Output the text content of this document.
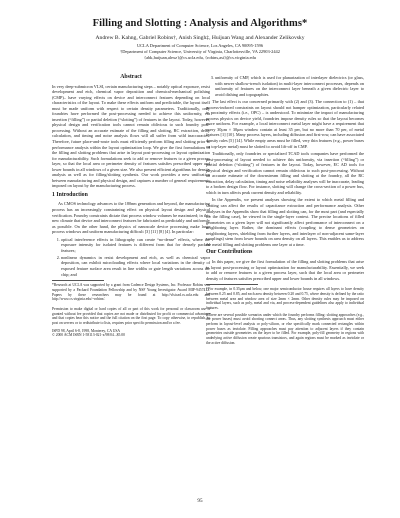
Filling and Slotting : Analysis and Algorithms*
Andrew B. Kahng, Gabriel Robins†, Anish Singh‡, Huijuan Wang and Alexander Zelikovsky
UCLA Department of Computer Science, Los Angeles, CA 90095-1596
†Department of Computer Science, University of Virginia, Charlottesville, VA 22903-2442
{abk,huijuan,alexz}@cs.ucla.edu, {robins,asi}@cs.virginia.edu
Abstract

In very deep-submicron VLSI, certain manufacturing steps – notably optical exposure, resist development and etch, chemical vapor deposition and chemical-mechanical polishing (CMP)– have varying effects on device and interconnect features depending on local characteristics of the layout. To make these effects uniform and predictable, the layout itself must be made uniform with respect to certain density parameters. Traditionally, only foundries have performed the post-processing needed to achieve this uniformity, via insertion (“filling”) or partial deletion (“slotting”) of features in the layout. Today, however, physical design and verification tools cannot remain oblivious to such foundry post-processing. Without an accurate estimate of the filling and slotting, RC extraction, delay calculation, and timing and noise analysis flows will all suffer from wild inaccuracies. Therefore, future place-and-route tools must efficiently perform filling and slotting prior to performance analysis within the layout optimization loop. We give the first formulations of the filling and slotting problems that arise in layout post-processing or layout optimization for manufacturability. Such formulations seek to add or remove features to a given process layer, so that the local area or perimeter density of features satisfies prescribed upper and lower bounds in all windows of a given size. We also present efficient algorithms for density analysis as well as for filling/slotting synthesis. Our work provides a new unification between manufacturing and physical design, and captures a number of general requirements imposed on layout by the manufacturing process.

1 Introduction

As CMOS technology advances to the 180nm generation and beyond, the manufacturing process has an increasingly constraining effect on physical layout design and physical verification. Foundry constraints dictate that process window volumes be maximized; in this new climate that device and interconnect features be fabricated as predictably and uniformly as possible. On the other hand, the physics of nanoscale device processing make large process windows and uniform manufacturing difficult [3] [11] [8] [4]. In particular:

1. optical interference effects in lithography can create “no-dense” effects, where the exposure intensity for isolated features is different from that for densely packed features;
2. nonlinear dynamics in resist development and etch, as well as chemical vapor deposition, can exhibit microloading effects where local variations in the density of exposed feature surface area result in line widths or gate length variations across the chip; and
*Research at UCLA was supported by a grant from Cadence Design Systems, Inc. Professor Robins was supported by a Packard Foundation Fellowship and by NSF Young Investigator Award MIP-9457412. Papers by these researchers may be found at http://vlsicad.cs.ucla.edu and http://www.cs.virginia.edu/~robins/.
Permission to make digital or hard copies of all or part of this work for personal or classroom use is granted without fee provided that copies are not made or distributed for profit or commercial advantage and that copies bear this notice and the full citation on the first page. To copy otherwise, to republish, to post on servers or to redistribute to lists, requires prior specific permission and/or a fee.
ISPD 98, April 6-8, 1998, Monterey, CA USA
© 2000 ACM ISBN 1-58113-021-x/98/04...$5.00
3. uniformity of CMP, which is used for planarization of interlayer dielectrics (or glass, with newer shallow-trench isolation) in multi-layer interconnect processes, depends on uniformity of features on the interconnect layer beneath a given dielectric layer to avoid dishing and topographies.

The last effect is our concerned primarily with (2) and (3). The connection to (1) – that process-induced constraints on layout should not hamper optimization, particularly related to proximity effects (i.e., OPC) – is understood. To minimize the impact of manufacturing process physics on device yield, foundries impose density rules so that the layout becomes more uniform. For example, a local interconnect metal layer might have a requirement that every 30μm × 30μm window contain at least 35 per, but no more than 70 per, of metal features [1] [10]. Many process layers, including diffusion and first-row, can have associated density rules [5] [14]. While empty areas must be filled, very thin features (e.g., power buses on top-layer metal) must be slotted to avoid lift-off in CMP.

Traditionally, only foundries or specialized TCAD tools companies have performed the post-processing of layout needed to achieve this uniformity, via insertion (“filling”) or partial deletion (“slotting”) of features in the layout. Today, however, EC AD tools for physical design and verification cannot remain oblivious to such post-processing. Without an accurate estimate of the downstream filling and slotting at the foundry, all the RC extraction, delay calculation, timing and noise reliability analyses will be inaccurate, leading to a broken design flow. For instance, slotting will change the cross-section of a power bus, which in turn affects peak current density and reliability.

In the Appendix, we present analyses showing the extent to which metal filling and slotting can affect the results of capacitance extraction and performance analysis. Other analyses in the Appendix show that filling and slotting can, for the most part (and especially for the filling case), be viewed in the single-layer context. The precise locations of filled geometries on a given layer will not significantly affect performance of interconnect on a neighboring layer. Rather, the dominant effects (coupling to dense geometries on neighboring layers, shielding from further layers, and interlayer of non-adjacent same-layer couplings) stem from lower bounds on area density on all layers. This enables us to address the metal filling and slotting problems one layer at a time.

Our Contributions

In this paper, we give the first formulation of the filling and slotting problems that arise in layout post-processing or layout optimization for manufacturability. Essentially, we seek to add or remove features to a given process layer, such that the local area or perimeter density of features satisfies prescribed upper and lower bounds in all windows.

†For example, in 0.35μm and below, one major semiconductor house requires all layers to have density between 0.25 and 0.85, and each area density between 0.20 and 0.75, where density is defined by the ratio between metal area and window area of size 2mm × 2mm. Other density rules may be imposed on individual layers, such as poly, metal and via, and process-dependent guidelines also apply to individual features.
‡There are several possible scenarios under which the foundry performs filling: slotting approaches (e.g., the power buses) must avoid shorting connect areas. Thus, any slotting synthesis approach must either perform in layout-level analysis or poly-silicon, or else specifically mark connected rectangles within power buses as inviolate. Filling approaches must pay attention to adjacent layers if they contain geometries outside geometries on the layer to be filled. For example, poly-fill geometry in regions with underlying active diffusion create spurious transistors, and again regions must be marked as inviolate or the active diffusion.
95
